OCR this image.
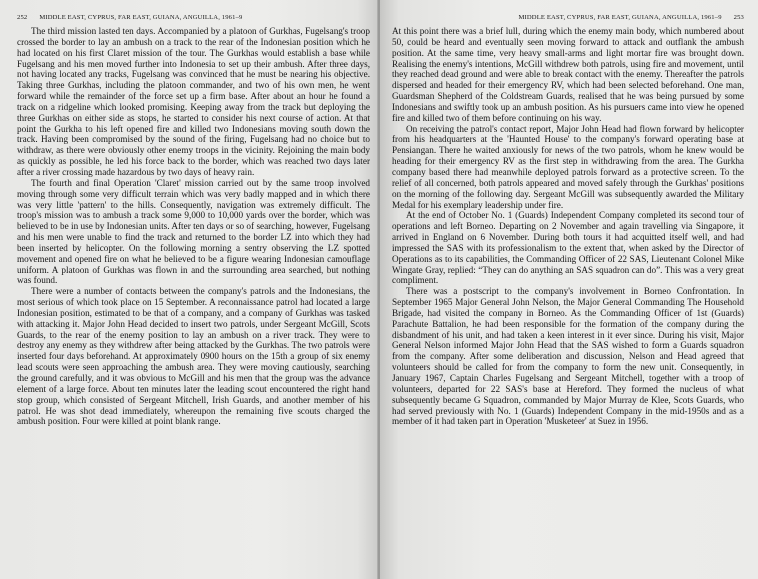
252 MIDDLE EAST, CYPRUS, FAR EAST, GUIANA, ANGUILLA, 1961–9

The third mission lasted ten days. Accompanied by a platoon of Gurkhas, Fugelsang's troop crossed the border to lay an ambush on a track to the rear of the Indonesian position which he had located on his first Claret mission of the tour. The Gurkhas would establish a base while Fugelsang and his men moved further into Indonesia to set up their ambush. After three days, not having located any tracks, Fugelsang was convinced that he must be nearing his objective. Taking three Gurkhas, including the platoon commander, and two of his own men, he went forward while the remainder of the force set up a firm base. After about an hour he found a track on a ridgeline which looked promising. Keeping away from the track but deploying the three Gurkhas on either side as stops, he started to consider his next course of action. At that point the Gurkha to his left opened fire and killed two Indonesians moving south down the track. Having been compromised by the sound of the firing, Fugelsang had no choice but to withdraw, as there were obviously other enemy troops in the vicinity. Rejoining the main body as quickly as possible, he led his force back to the border, which was reached two days later after a river crossing made hazardous by two days of heavy rain.

The fourth and final Operation 'Claret' mission carried out by the same troop involved moving through some very difficult terrain which was very badly mapped and in which there was very little 'pattern' to the hills. Consequently, navigation was extremely difficult. The troop's mission was to ambush a track some 9,000 to 10,000 yards over the border, which was believed to be in use by Indonesian units. After ten days or so of searching, however, Fugelsang and his men were unable to find the track and returned to the border LZ into which they had been inserted by helicopter. On the following morning a sentry observing the LZ spotted movement and opened fire on what he believed to be a figure wearing Indonesian camouflage uniform. A platoon of Gurkhas was flown in and the surrounding area searched, but nothing was found.

There were a number of contacts between the company's patrols and the Indonesians, the most serious of which took place on 15 September. A reconnaissance patrol had located a large Indonesian position, estimated to be that of a company, and a company of Gurkhas was tasked with attacking it. Major John Head decided to insert two patrols, under Sergeant McGill, Scots Guards, to the rear of the enemy position to lay an ambush on a river track. They were to destroy any enemy as they withdrew after being attacked by the Gurkhas. The two patrols were inserted four days beforehand. At approximately 0900 hours on the 15th a group of six enemy lead scouts were seen approaching the ambush area. They were moving cautiously, searching the ground carefully, and it was obvious to McGill and his men that the group was the advance element of a large force. About ten minutes later the leading scout encountered the right hand stop group, which consisted of Sergeant Mitchell, Irish Guards, and another member of his patrol. He was shot dead immediately, whereupon the remaining five scouts charged the ambush position. Four were killed at point blank range.

MIDDLE EAST, CYPRUS, FAR EAST, GUIANA, ANGUILLA, 1961–9 253

At this point there was a brief lull, during which the enemy main body, which numbered about 50, could be heard and eventually seen moving forward to attack and outflank the ambush position. At the same time, very heavy small-arms and light mortar fire was brought down. Realising the enemy's intentions, McGill withdrew both patrols, using fire and movement, until they reached dead ground and were able to break contact with the enemy. Thereafter the patrols dispersed and headed for their emergency RV, which had been selected beforehand. One man, Guardsman Shepherd of the Coldstream Guards, realised that he was being pursued by some Indonesians and swiftly took up an ambush position. As his pursuers came into view he opened fire and killed two of them before continuing on his way.

On receiving the patrol's contact report, Major John Head had flown forward by helicopter from his headquarters at the 'Haunted House' to the company's forward operating base at Pensiangan. There he waited anxiously for news of the two patrols, whom he knew would be heading for their emergency RV as the first step in withdrawing from the area. The Gurkha company based there had meanwhile deployed patrols forward as a protective screen. To the relief of all concerned, both patrols appeared and moved safely through the Gurkhas' positions on the morning of the following day. Sergeant McGill was subsequently awarded the Military Medal for his exemplary leadership under fire.

At the end of October No. 1 (Guards) Independent Company completed its second tour of operations and left Borneo. Departing on 2 November and again travelling via Singapore, it arrived in England on 6 November. During both tours it had acquitted itself well, and had impressed the SAS with its professionalism to the extent that, when asked by the Director of Operations as to its capabilities, the Commanding Officer of 22 SAS, Lieutenant Colonel Mike Wingate Gray, replied: “They can do anything an SAS squadron can do”. This was a very great compliment.

There was a postscript to the company's involvement in Borneo Confrontation. In September 1965 Major General John Nelson, the Major General Commanding The Household Brigade, had visited the company in Borneo. As the Commanding Officer of 1st (Guards) Parachute Battalion, he had been responsible for the formation of the company during the disbandment of his unit, and had taken a keen interest in it ever since. During his visit, Major General Nelson informed Major John Head that the SAS wished to form a Guards squadron from the company. After some deliberation and discussion, Nelson and Head agreed that volunteers should be called for from the company to form the new unit. Consequently, in January 1967, Captain Charles Fugelsang and Sergeant Mitchell, together with a troop of volunteers, departed for 22 SAS's base at Hereford. They formed the nucleus of what subsequently became G Squadron, commanded by Major Murray de Klee, Scots Guards, who had served previously with No. 1 (Guards) Independent Company in the mid-1950s and as a member of it had taken part in Operation 'Musketeer' at Suez in 1956.
